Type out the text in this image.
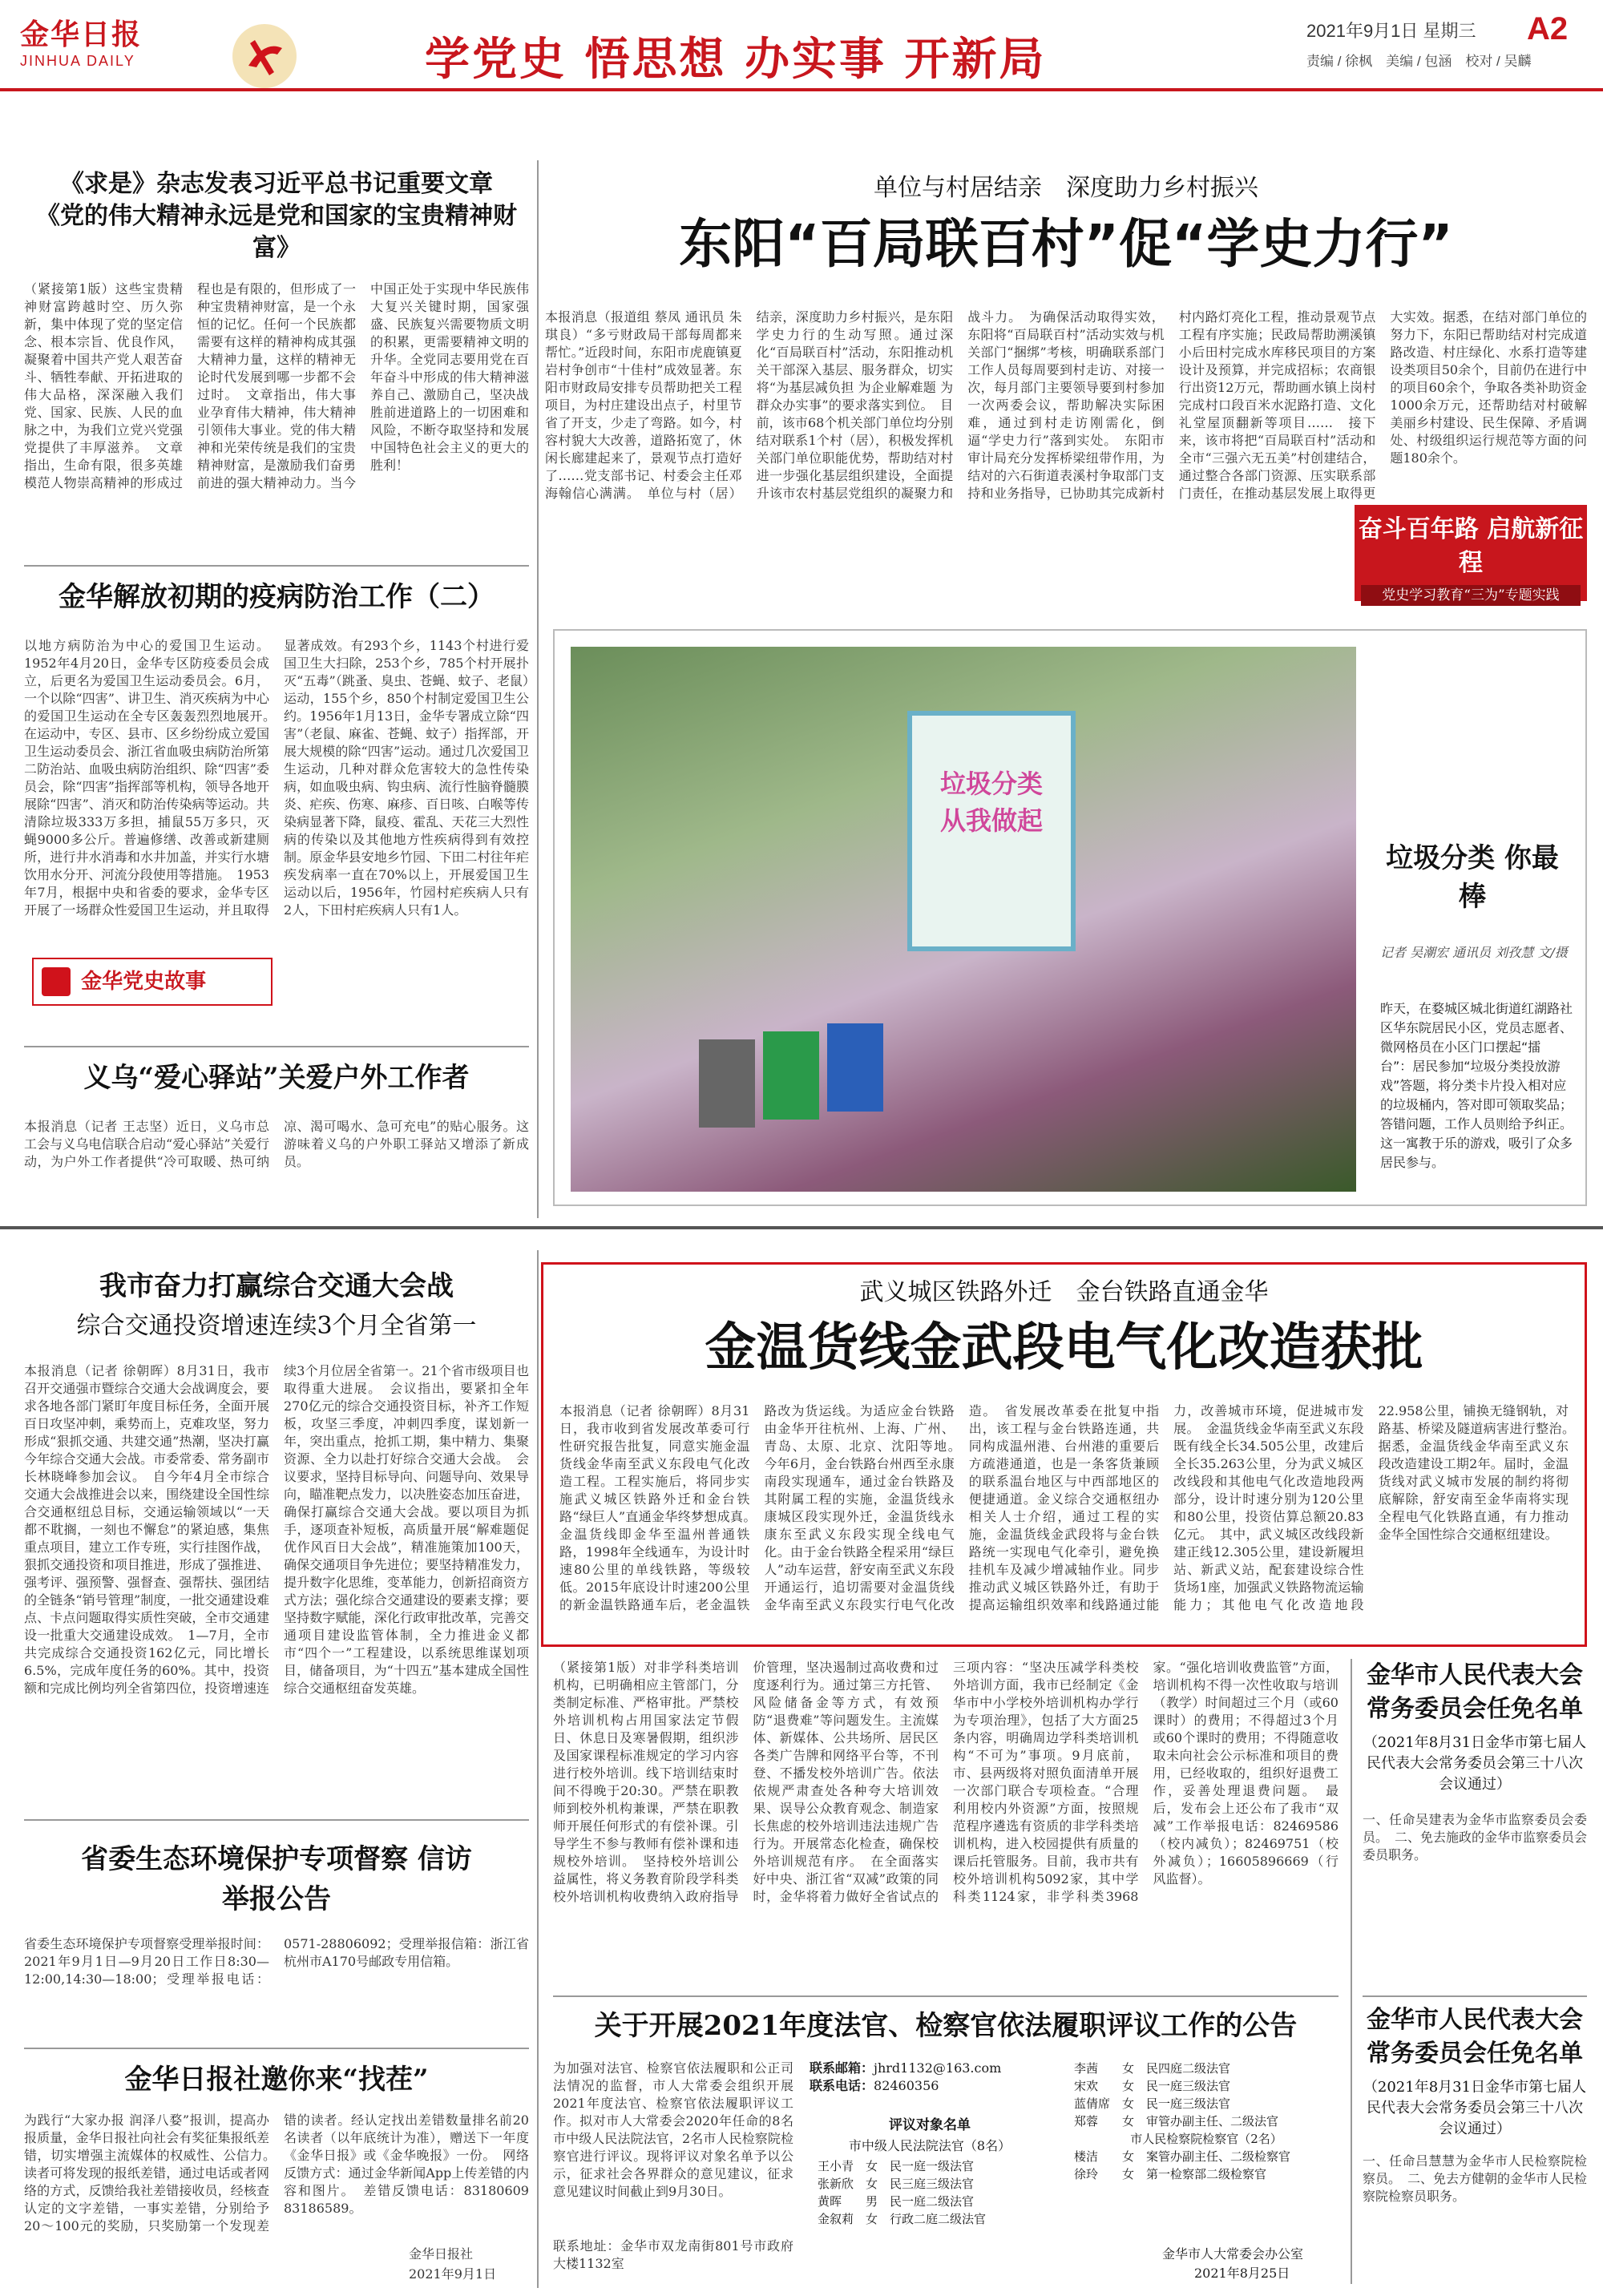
金华日报
JINHUA DAILY	学党史 悟思想 办实事 开新局
2021年9月1日 星期三	A2
责编 / 徐枫　美编 / 包涵　校对 / 吴麟
《求是》杂志发表习近平总书记重要文章
《党的伟大精神永远是党和国家的宝贵精神财富》
（紧接第1版）这些宝贵精神财富跨越时空、历久弥新，集中体现了党的坚定信念、根本宗旨、优良作风，凝聚着中国共产党人艰苦奋斗、牺牲奉献、开拓进取的伟大品格，深深融入我们党、国家、民族、人民的血脉之中，为我们立党兴党强党提供了丰厚滋养。　文章指出，生命有限，很多英雄模范人物崇高精神的形成过程也是有限的，但形成了一种宝贵精神财富，是一个永恒的记忆。任何一个民族都需要有这样的精神构成其强大精神力量，这样的精神无论时代发展到哪一步都不会过时。　文章指出，伟大事业孕育伟大精神，伟大精神引领伟大事业。党的伟大精神和光荣传统是我们的宝贵精神财富，是激励我们奋勇前进的强大精神动力。当今中国正处于实现中华民族伟大复兴关键时期，国家强盛、民族复兴需要物质文明的积累，更需要精神文明的升华。全党同志要用党在百年奋斗中形成的伟大精神滋养自己、激励自己，坚决战胜前进道路上的一切困难和风险，不断夺取坚持和发展中国特色社会主义的更大的胜利！
金华解放初期的疫病防治工作（二）
以地方病防治为中心的爱国卫生运动。1952年4月20日，金华专区防疫委员会成立，后更名为爱国卫生运动委员会。6月，一个以除“四害”、讲卫生、消灭疾病为中心的爱国卫生运动在全专区轰轰烈烈地展开。　在运动中，专区、县市、区乡纷纷成立爱国卫生运动委员会、浙江省血吸虫病防治所第二防治站、血吸虫病防治组织、除“四害”委员会，除“四害”指挥部等机构，领导各地开展除“四害”、消灭和防治传染病等运动。共清除垃圾333万多担，捕鼠55万多只，灭蝇9000多公斤。普遍修缮、改善或新建厕所，进行井水消毒和水井加盖，并实行水塘饮用水分开、河流分段使用等措施。　1953年7月，根据中央和省委的要求，金华专区开展了一场群众性爱国卫生运动，并且取得显著成效。有293个乡，1143个村进行爱国卫生大扫除，253个乡，785个村开展扑灭“五毒”（跳蚤、臭虫、苍蝇、蚊子、老鼠）运动，155个乡，850个村制定爱国卫生公约。1956年1月13日，金华专署成立除“四害”（老鼠、麻雀、苍蝇、蚊子）指挥部，开展大规模的除“四害”运动。通过几次爱国卫生运动，几种对群众危害较大的急性传染病，如血吸虫病、钩虫病、流行性脑脊髓膜炎、疟疾、伤寒、麻疹、百日咳、白喉等传染病显著下降，鼠疫、霍乱、天花三大烈性病的传染以及其他地方性疾病得到有效控制。原金华县安地乡竹园、下田二村往年疟疾发病率一直在70%以上，开展爱国卫生运动以后，1956年，竹园村疟疾病人只有2人，下田村疟疾病人只有1人。
金华党史故事
义乌“爱心驿站”关爱户外工作者
本报消息（记者 王志坚）近日，义乌市总工会与义乌电信联合启动“爱心驿站”关爱行动，为户外工作者提供“冷可取暖、热可纳凉、渴可喝水、急可充电”的贴心服务。这游味着义乌的户外职工驿站又增添了新成员。
单位与村居结亲　深度助力乡村振兴
东阳“百局联百村”促“学史力行”
本报消息（报道组 蔡凤 通讯员 朱琪良）“多亏财政局干部每周都来帮忙。”近段时间，东阳市虎鹿镇夏岩村争创市“十佳村”成效显著。东阳市财政局安排专员帮助把关工程项目，为村庄建设出点子，村里节省了开支，少走了弯路。如今，村容村貌大大改善，道路拓宽了，休闲长廊建起来了，景观节点打造好了……党支部书记、村委会主任邓海翰信心满满。　单位与村（居）结亲，深度助力乡村振兴，是东阳学史力行的生动写照。通过深化“百局联百村”活动，东阳推动机关干部深入基层、服务群众，切实将“为基层减负担 为企业解难题 为群众办实事”的要求落实到位。　目前，该市68个机关部门单位均分别结对联系1个村（居），积极发挥机关部门单位职能优势，帮助结对村进一步强化基层组织建设，全面提升该市农村基层党组织的凝聚力和战斗力。　为确保活动取得实效，东阳将“百局联百村”活动实效与机关部门“捆绑”考核，明确联系部门工作人员每周要到村走访、对接一次，每月部门主要领导要到村参加一次两委会议，帮助解决实际困难，通过到村走访刚需化，倒逼“学史力行”落到实处。　东阳市审计局充分发挥桥梁纽带作用，为结对的六石街道表溪村争取部门支持和业务指导，已协助其完成新村村内路灯亮化工程，推动景观节点工程有序实施；民政局帮助溯溪镇小后田村完成水库移民项目的方案设计及预算，并完成招标；农商银行出资12万元，帮助画水镇上岗村完成村口段百米水泥路打造、文化礼堂屋顶翻新等项目……　接下来，该市将把“百局联百村”活动和全市“三强六无五美”村创建结合，通过整合各部门资源、压实联系部门责任，在推动基层发展上取得更大实效。据悉，在结对部门单位的努力下，东阳已帮助结对村完成道路改造、村庄绿化、水系打造等建设类项目50余个，目前仍在进行中的项目60余个，争取各类补助资金1000余万元，还帮助结对村破解美丽乡村建设、民生保障、矛盾调处、村级组织运行规范等方面的问题180余个。
奋斗百年路 启航新征程
党史学习教育“三为”专题实践
垃圾分类
从我做起
垃圾分类 你最棒
记者 吴潮宏 通讯员 刘孜慧 文/摄
昨天，在婺城区城北街道红湖路社区华东院居民小区，党员志愿者、微网格员在小区门口摆起“擂台”：居民参加“垃圾分类投放游戏”答题，将分类卡片投入相对应的垃圾桶内，答对即可领取奖品；答错问题，工作人员则给予纠正。这一寓教于乐的游戏，吸引了众多居民参与。
我市奋力打赢综合交通大会战
综合交通投资增速连续3个月全省第一
本报消息（记者 徐朝晖）8月31日，我市召开交通强市暨综合交通大会战调度会，要求各地各部门紧盯年度目标任务，全面开展百日攻坚冲刺，乘势而上，克难攻坚，努力形成“狠抓交通、共建交通”热潮，坚决打赢今年综合交通大会战。市委常委、常务副市长林晓峰参加会议。　自今年4月全市综合交通大会战推进会以来，围绕建设全国性综合交通枢纽总目标，交通运输领域以“一天都不耽搁，一刻也不懈怠”的紧迫感，集焦重点项目，建立工作专班，实行挂图作战，狠抓交通投资和项目推进，形成了强推进、强考评、强预警、强督查、强帮扶、强团结的全链条“销号管理”制度，一批交通建设难点、卡点问题取得实质性突破，全市交通建设一批重大交通建设成效。　1—7月，全市共完成综合交通投资162亿元，同比增长6.5%，完成年度任务的60%。其中，投资额和完成比例均列全省第四位，投资增速连续3个月位居全省第一。21个省市级项目也取得重大进展。　会议指出，要紧扣全年270亿元的综合交通投资目标，补齐工作短板，攻坚三季度，冲刺四季度，谋划新一年，突出重点，抢抓工期，集中精力、集聚资源、全力以赴打好综合交通大会战。　会议要求，坚持目标导向、问题导向、效果导向，瞄准靶点发力，以决胜姿态加压奋进，确保打赢综合交通大会战。要以项目为抓手，逐项查补短板，高质量开展“解难题促优作风百日大会战”，精准施策加100天，确保交通项目争先进位；要坚持精准发力，提升数字化思维，变革能力，创新招商资方式方法；强化综合交通建设的要素支撑；要坚持数字赋能，深化行政审批改革，完善交通项目建设监管体制，全力推进金义都市“四个一”工程建设，以系统思维谋划项目，储备项目，为“十四五”基本建成全国性综合交通枢纽奋发英雄。
省委生态环境保护专项督察 信访举报公告
省委生态环境保护专项督察受理举报时间：2021年9月1日—9月20日工作日8:30—12:00,14:30—18:00；受理举报电话：0571-28806092；受理举报信箱：浙江省杭州市A170号邮政专用信箱。
金华日报社邀你来“找茬”
为践行“大家办报 润泽八婺”报训，提高办报质量，金华日报社向社会有奖征集报纸差错，切实增强主流媒体的权威性、公信力。　读者可将发现的报纸差错，通过电话或者网络的方式，反馈给我社差错接收员，经核查认定的文字差错，一事实差错，分别给予20～100元的奖励，只奖励第一个发现差错的读者。经认定找出差错数量排名前20名读者（以年底统计为准），赠送下一年度《金华日报》或《金华晚报》一份。　网络反馈方式：通过金华新闻App上传差错的内容和图片。　差错反馈电话：83180609 83186589。
金华日报社
2021年9月1日
武义城区铁路外迁　金台铁路直通金华
金温货线金武段电气化改造获批
本报消息（记者 徐朝晖）8月31日，我市收到省发展改革委可行性研究报告批复，同意实施金温货线金华南至武义东段电气化改造工程。工程实施后，将同步实施武义城区铁路外迁和金台铁路“绿巨人”直通金华终梦想成真。　金温货线即金华至温州普通铁路，1998年全线通车，为设计时速80公里的单线铁路，等级较低。2015年底设计时速200公里的新金温铁路通车后，老金温铁路改为货运线。为适应金台铁路由金华开往杭州、上海、广州、青岛、太原、北京、沈阳等地。　今年6月，金台铁路台州西至永康南段实现通车，通过金台铁路及其附属工程的实施，金温货线永康城区段实现外迁，金温货线永康东至武义东段实现全线电气化。由于金台铁路全程采用“绿巨人”动车运营，舒安南至武义东段开通运行，追切需要对金温货线金华南至武义东段实行电气化改造。　省发展改革委在批复中指出，该工程与金台铁路连通，共同构成温州港、台州港的重要后方疏港通道，也是一条客货兼顾的联系温台地区与中西部地区的便捷通道。金义综合交通枢纽办相关人士介绍，通过工程的实施，金温货线金武段将与金台铁路统一实现电气化牵引，避免换挂机车及减少增减轴作业。同步推动武义城区铁路外迁，有助于提高运输组织效率和线路通过能力，改善城市环境，促进城市发展。　金温货线金华南至武义东段既有线全长34.505公里，改建后全长35.263公里，分为武义城区改线段和其他电气化改造地段两部分，设计时速分别为120公里和80公里，投资估算总额20.83亿元。　其中，武义城区改线段新建正线12.305公里，建设新履坦站、新武义站，配套建设综合性货场1座，加强武义铁路物流运输能力；其他电气化改造地段22.958公里，铺换无缝钢轨，对路基、桥梁及隧道病害进行整治。　据悉，金温货线金华南至武义东段改造建设工期2年。届时，金温货线对武义城市发展的制约将彻底解除，舒安南至金华南将实现全程电气化铁路直通，有力推动金华全国性综合交通枢纽建设。
（紧接第1版）对非学科类培训机构，已明确相应主管部门，分类制定标准、严格审批。严禁校外培训机构占用国家法定节假日、休息日及寒暑假期，组织涉及国家课程标准规定的学习内容进行校外培训。线下培训结束时间不得晚于20:30。严禁在职教师到校外机构兼课，严禁在职教师开展任何形式的有偿补课。引导学生不参与教师有偿补课和违规校外培训。　坚持校外培训公益属性，将义务教育阶段学科类校外培训机构收费纳入政府指导价管理，坚决遏制过高收费和过度逐利行为。通过第三方托管、风险储备金等方式，有效预防“退费难”等问题发生。主流媒体、新媒体、公共场所、居民区各类广告牌和网络平台等，不刊登、不播发校外培训广告。依法依规严肃查处各种夸大培训效果、误导公众教育观念、制造家长焦虑的校外培训违法违规广告行为。开展常态化检查，确保校外培训规范有序。　在全面落实好中央、浙江省“双减”政策的同时，金华将着力做好全省试点的三项内容：“坚决压减学科类校外培训方面，我市已经制定《金华市中小学校外培训机构办学行为专项治理》，包括了大方面25条内容，明确周边学科类培训机构“不可为”事项。9月底前，市、县两级将对照负面清单开展一次部门联合专项检查。“合理利用校内外资源”方面，按照规范程序遴选有资质的非学科类培训机构，进入校园提供有质量的课后托管服务。目前，我市共有校外培训机构5092家，其中学科类1124家，非学科类3968家。“强化培训收费监管”方面，培训机构不得一次性收取与培训（教学）时间超过三个月（或60课时）的费用；不得超过3个月或60个课时的费用；不得随意收取未向社会公示标准和项目的费用，已经收取的，组织好退费工作，妥善处理退费问题。　最后，发布会上还公布了我市“双减”工作举报电话：82469586（校内减负）；82469751（校外减负）；16605896669（行风监督）。
关于开展2021年度法官、检察官依法履职评议工作的公告
为加强对法官、检察官依法履职和公正司法情况的监督，市人大常委会组织开展2021年度法官、检察官依法履职评议工作。拟对市人大常委会2020年任命的8名市中级人民法院法官，2名市人民检察院检察官进行评议。现将评议对象名单予以公示，征求社会各界群众的意见建议，征求意见建议时间截止到9月30日。
联系地址：金华市双龙南街801号市政府大楼1132室
联系邮箱：jhrd1132@163.com
联系电话：82460356
评议对象名单
市中级人民法院法官（8名）
王小青　女　民一庭一级法官
张新欣　女　民三庭三级法官
黄晖　　男　民一庭二级法官
金叙莉　女　行政二庭二级法官
李茜　　女　民四庭二级法官
宋欢　　女　民一庭三级法官
蓝倩席　女　民一庭三级法官
郑蓉　　女　审管办副主任、二级法官
市人民检察院检察官（2名）
楼洁　　女　案管办副主任、二级检察官
徐玲　　女　第一检察部二级检察官
金华市人大常委会办公室
2021年8月25日
金华市人民代表大会常务委员会任免名单
（2021年8月31日金华市第七届人民代表大会常务委员会第三十八次会议通过）
一、任命吴建表为金华市监察委员会委员。　二、免去施政的金华市监察委员会委员职务。
金华市人民代表大会常务委员会任免名单
（2021年8月31日金华市第七届人民代表大会常务委员会第三十八次会议通过）
一、任命吕慧慧为金华市人民检察院检察员。　二、免去方健朝的金华市人民检察院检察员职务。
